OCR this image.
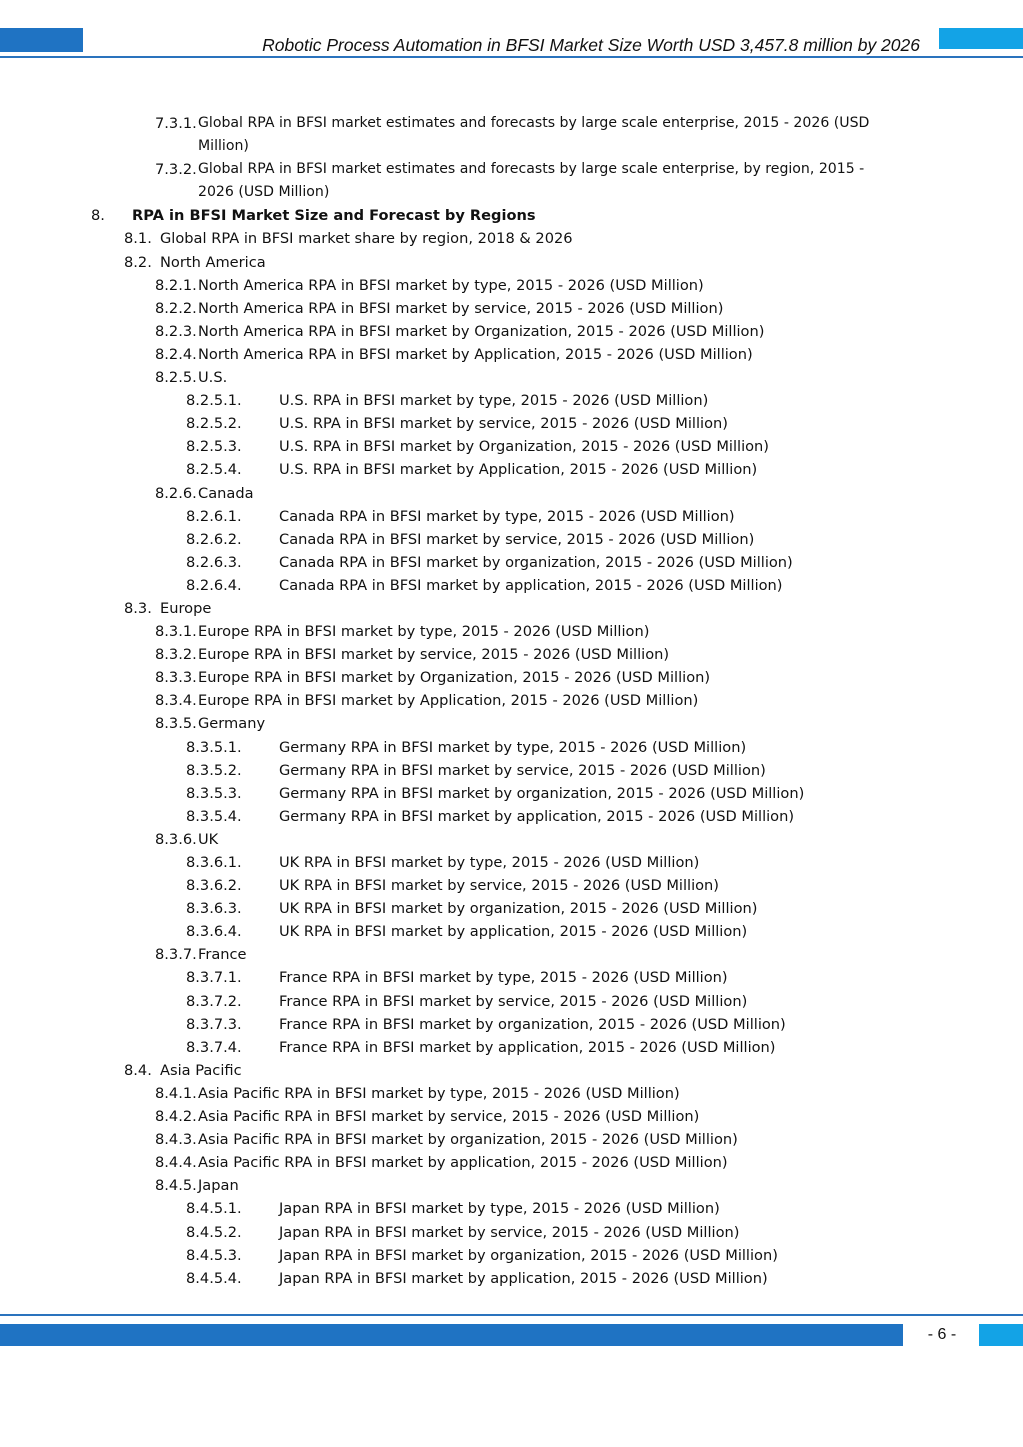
Robotic Process Automation in BFSI Market Size Worth USD 3,457.8 million by 2026
7.3.1. Global RPA in BFSI market estimates and forecasts by large scale enterprise, 2015 - 2026 (USD
Million)
7.3.2. Global RPA in BFSI market estimates and forecasts by large scale enterprise, by region, 2015 -
2026 (USD Million)
8. RPA in BFSI Market Size and Forecast by Regions
8.1. Global RPA in BFSI market share by region, 2018 & 2026
8.2. North America
8.2.1. North America RPA in BFSI market by type, 2015 - 2026 (USD Million)
8.2.2. North America RPA in BFSI market by service, 2015 - 2026 (USD Million)
8.2.3. North America RPA in BFSI market by Organization, 2015 - 2026 (USD Million)
8.2.4. North America RPA in BFSI market by Application, 2015 - 2026 (USD Million)
8.2.5. U.S.
8.2.5.1.	U.S. RPA in BFSI market by type, 2015 - 2026 (USD Million)
8.2.5.2.	U.S. RPA in BFSI market by service, 2015 - 2026 (USD Million)
8.2.5.3.	U.S. RPA in BFSI market by Organization, 2015 - 2026 (USD Million)
8.2.5.4.	U.S. RPA in BFSI market by Application, 2015 - 2026 (USD Million)
8.2.6. Canada
8.2.6.1.	Canada RPA in BFSI market by type, 2015 - 2026 (USD Million)
8.2.6.2.	Canada RPA in BFSI market by service, 2015 - 2026 (USD Million)
8.2.6.3.	Canada RPA in BFSI market by organization, 2015 - 2026 (USD Million)
8.2.6.4.	Canada RPA in BFSI market by application, 2015 - 2026 (USD Million)
8.3. Europe
8.3.1. Europe RPA in BFSI market by type, 2015 - 2026 (USD Million)
8.3.2. Europe RPA in BFSI market by service, 2015 - 2026 (USD Million)
8.3.3. Europe RPA in BFSI market by Organization, 2015 - 2026 (USD Million)
8.3.4. Europe RPA in BFSI market by Application, 2015 - 2026 (USD Million)
8.3.5. Germany
8.3.5.1.	Germany RPA in BFSI market by type, 2015 - 2026 (USD Million)
8.3.5.2.	Germany RPA in BFSI market by service, 2015 - 2026 (USD Million)
8.3.5.3.	Germany RPA in BFSI market by organization, 2015 - 2026 (USD Million)
8.3.5.4.	Germany RPA in BFSI market by application, 2015 - 2026 (USD Million)
8.3.6. UK
8.3.6.1.	UK RPA in BFSI market by type, 2015 - 2026 (USD Million)
8.3.6.2.	UK RPA in BFSI market by service, 2015 - 2026 (USD Million)
8.3.6.3.	UK RPA in BFSI market by organization, 2015 - 2026 (USD Million)
8.3.6.4.	UK RPA in BFSI market by application, 2015 - 2026 (USD Million)
8.3.7. France
8.3.7.1.	France RPA in BFSI market by type, 2015 - 2026 (USD Million)
8.3.7.2.	France RPA in BFSI market by service, 2015 - 2026 (USD Million)
8.3.7.3.	France RPA in BFSI market by organization, 2015 - 2026 (USD Million)
8.3.7.4.	France RPA in BFSI market by application, 2015 - 2026 (USD Million)
8.4. Asia Pacific
8.4.1. Asia Pacific RPA in BFSI market by type, 2015 - 2026 (USD Million)
8.4.2. Asia Pacific RPA in BFSI market by service, 2015 - 2026 (USD Million)
8.4.3. Asia Pacific RPA in BFSI market by organization, 2015 - 2026 (USD Million)
8.4.4. Asia Pacific RPA in BFSI market by application, 2015 - 2026 (USD Million)
8.4.5. Japan
8.4.5.1.	Japan RPA in BFSI market by type, 2015 - 2026 (USD Million)
8.4.5.2.	Japan RPA in BFSI market by service, 2015 - 2026 (USD Million)
8.4.5.3.	Japan RPA in BFSI market by organization, 2015 - 2026 (USD Million)
8.4.5.4.	Japan RPA in BFSI market by application, 2015 - 2026 (USD Million)
- 6 -
